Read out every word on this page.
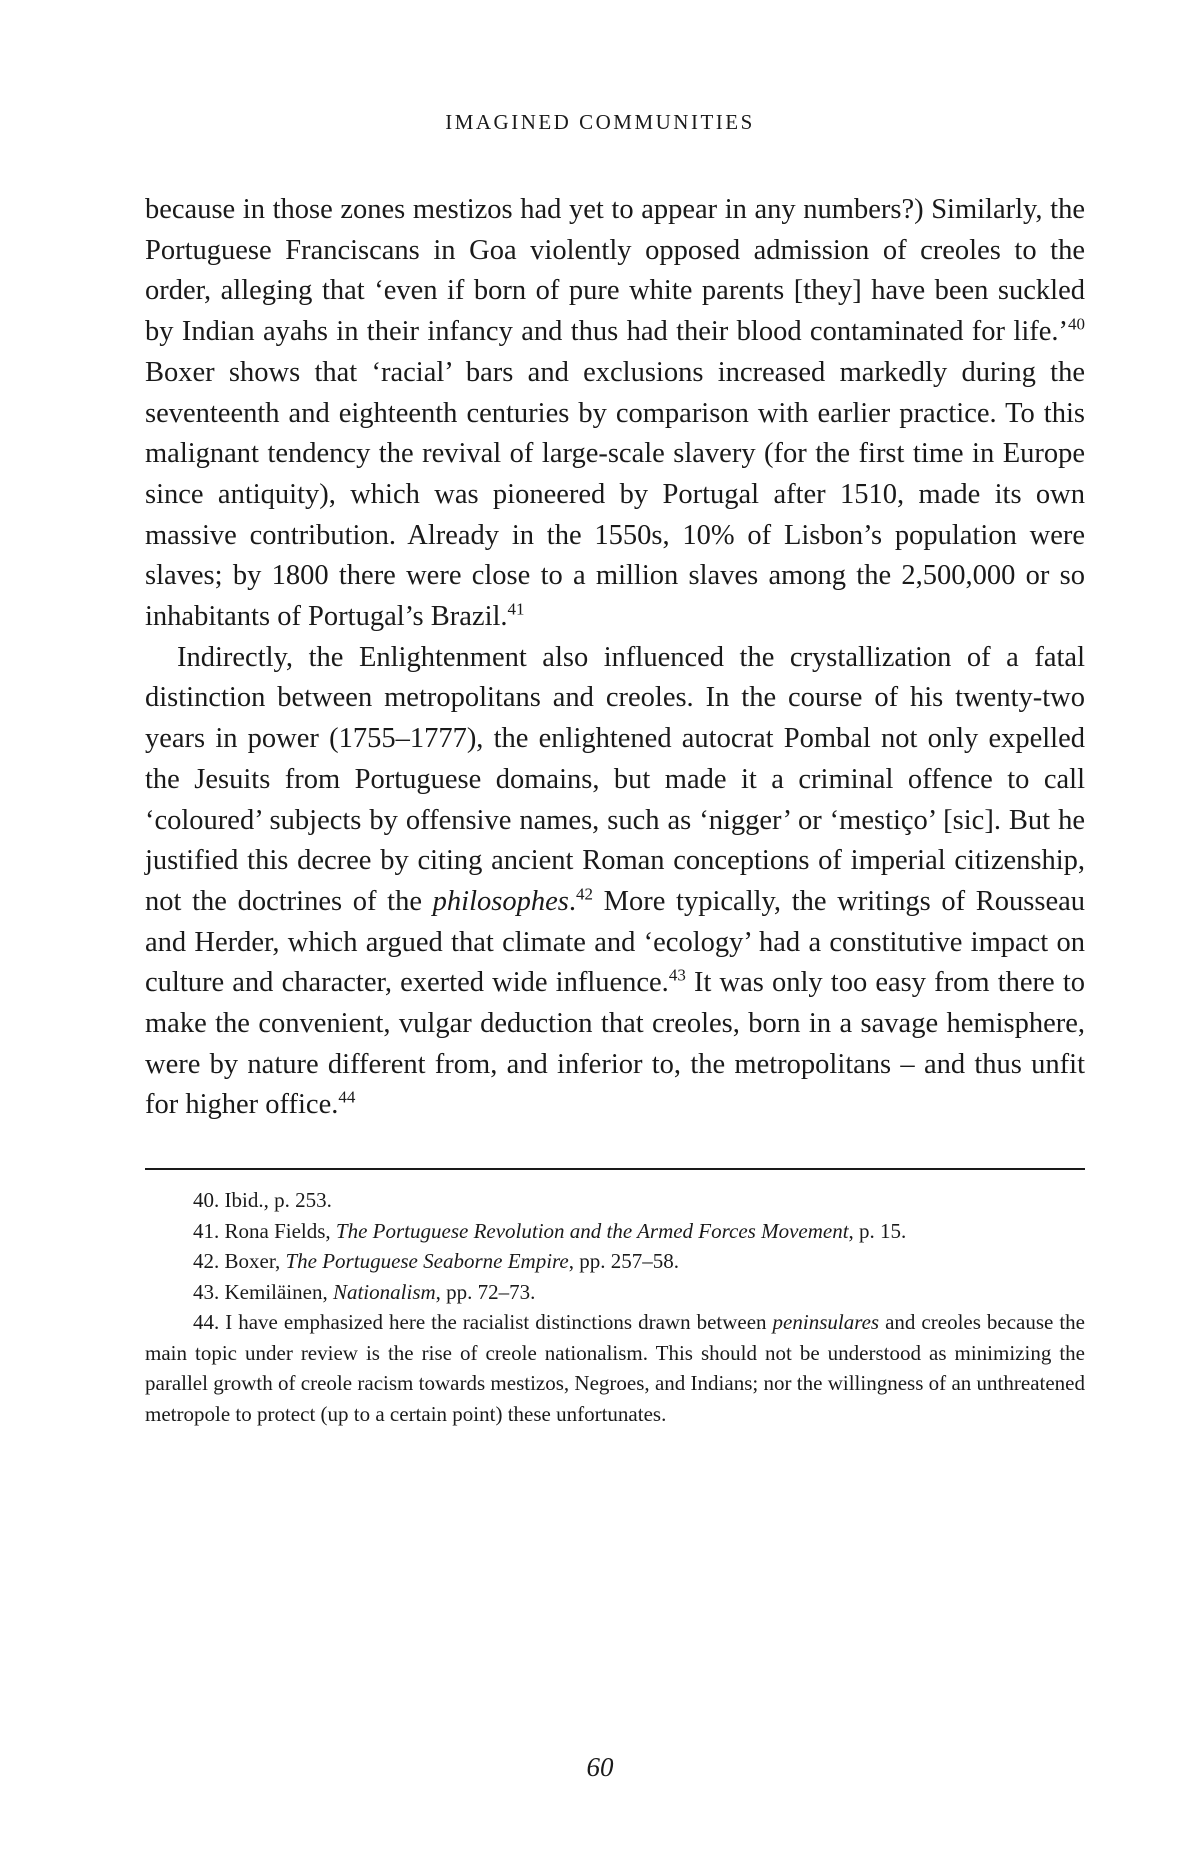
IMAGINED COMMUNITIES

because in those zones mestizos had yet to appear in any numbers?) Similarly, the Portuguese Franciscans in Goa violently opposed admission of creoles to the order, alleging that ‘even if born of pure white parents [they] have been suckled by Indian ayahs in their infancy and thus had their blood contaminated for life.’$^{40}$ Boxer shows that ‘racial’ bars and exclusions increased markedly during the seventeenth and eighteenth centuries by comparison with earlier practice. To this malignant tendency the revival of large-scale slavery (for the first time in Europe since antiquity), which was pioneered by Portugal after 1510, made its own massive contribution. Already in the 1550s, 10% of Lisbon’s population were slaves; by 1800 there were close to a million slaves among the 2,500,000 or so inhabitants of Portugal’s Brazil.$^{41}$

Indirectly, the Enlightenment also influenced the crystallization of a fatal distinction between metropolitans and creoles. In the course of his twenty-two years in power (1755–1777), the enlightened autocrat Pombal not only expelled the Jesuits from Portuguese domains, but made it a criminal offence to call ‘coloured’ subjects by offensive names, such as ‘nigger’ or ‘mestiço’ [sic]. But he justified this decree by citing ancient Roman conceptions of imperial citizenship, not the doctrines of the philosophes.$^{42}$ More typically, the writings of Rousseau and Herder, which argued that climate and ‘ecology’ had a constitutive impact on culture and character, exerted wide influence.$^{43}$ It was only too easy from there to make the convenient, vulgar deduction that creoles, born in a savage hemisphere, were by nature different from, and inferior to, the metropolitans – and thus unfit for higher office.$^{44}$

40. Ibid., p. 253.

41. Rona Fields, The Portuguese Revolution and the Armed Forces Movement, p. 15.

42. Boxer, The Portuguese Seaborne Empire, pp. 257–58.

43. Kemiläinen, Nationalism, pp. 72–73.

44. I have emphasized here the racialist distinctions drawn between peninsulares and creoles because the main topic under review is the rise of creole nationalism. This should not be understood as minimizing the parallel growth of creole racism towards mestizos, Negroes, and Indians; nor the willingness of an unthreatened metropole to protect (up to a certain point) these unfortunates.

60
